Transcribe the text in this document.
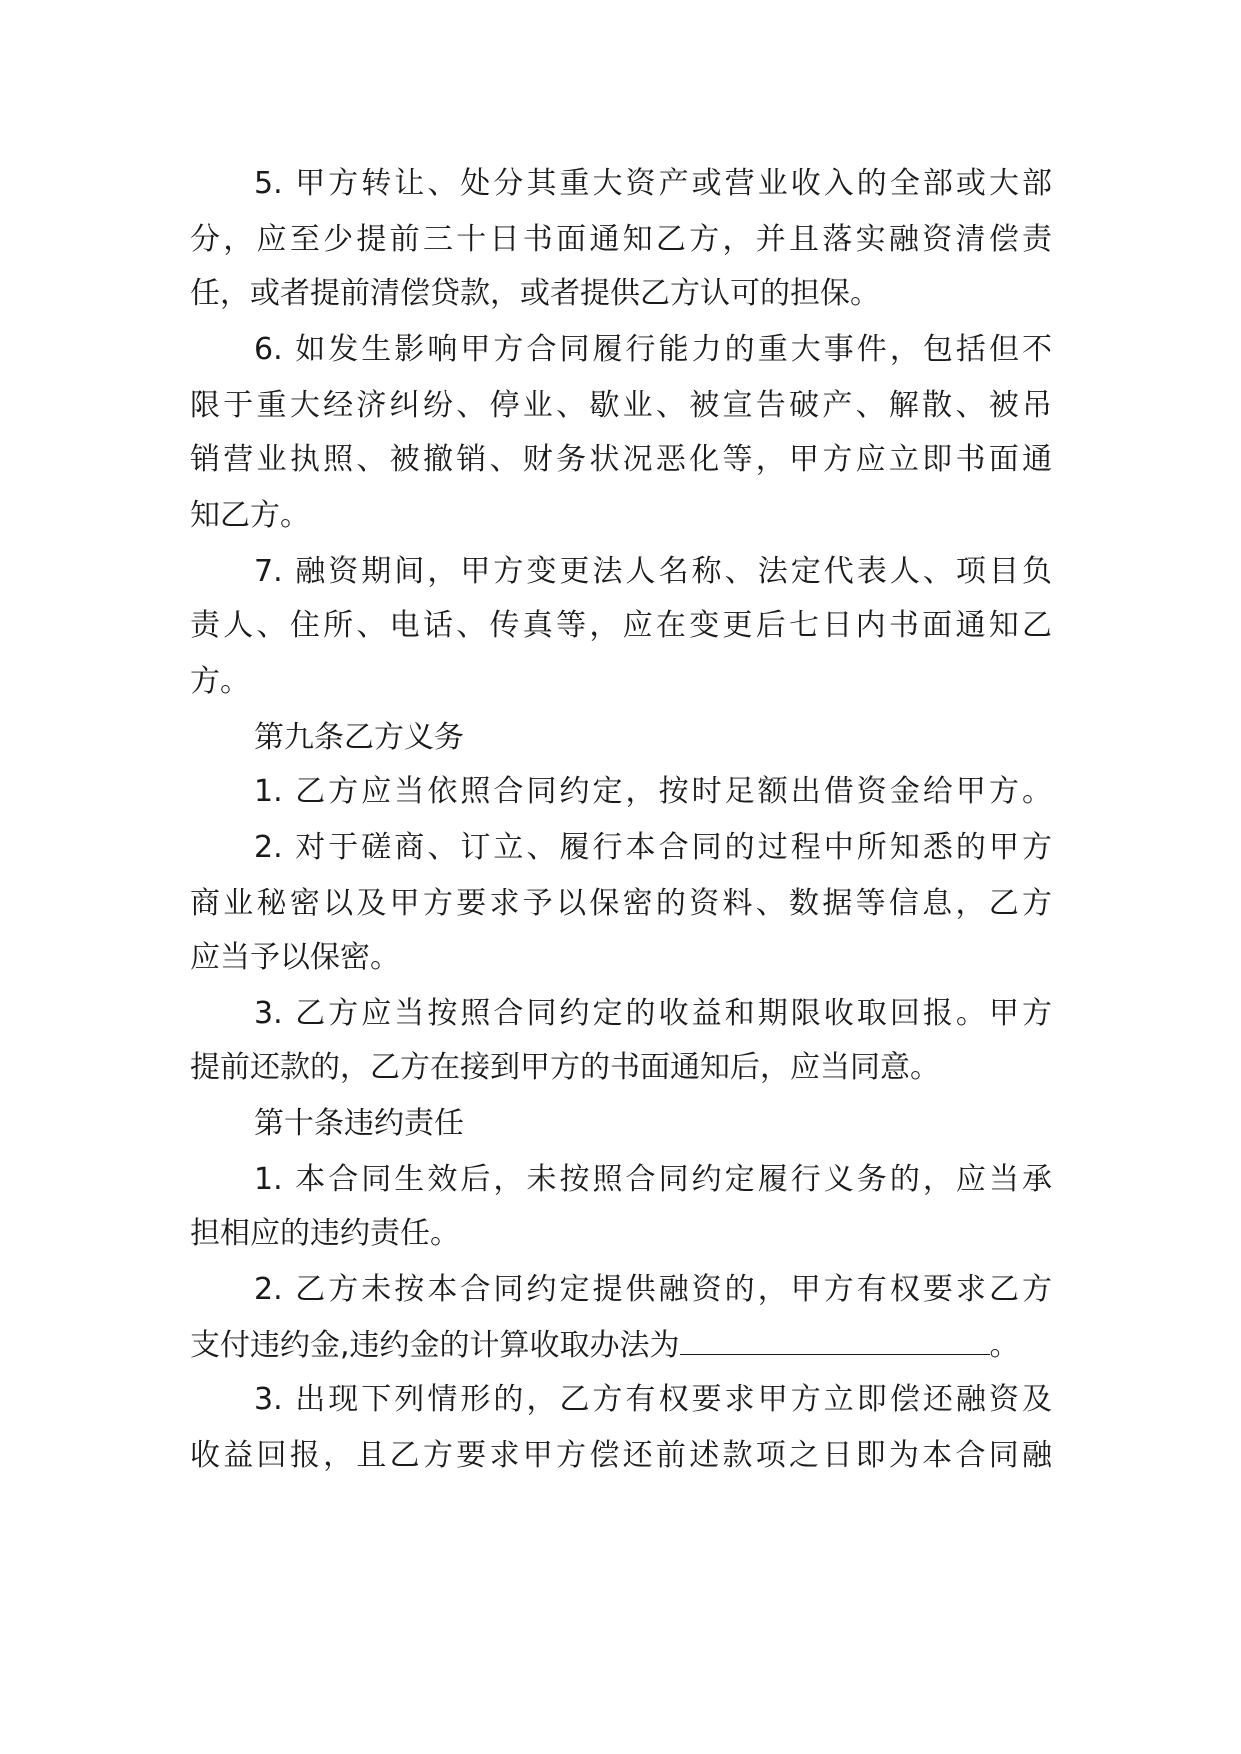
5. 甲方转让、处分其重大资产或营业收入的全部或大部
分，应至少提前三十日书面通知乙方，并且落实融资清偿责
任，或者提前清偿贷款，或者提供乙方认可的担保。
6. 如发生影响甲方合同履行能力的重大事件，包括但不
限于重大经济纠纷、停业、歇业、被宣告破产、解散、被吊
销营业执照、被撤销、财务状况恶化等，甲方应立即书面通
知乙方。
7. 融资期间，甲方变更法人名称、法定代表人、项目负
责人、住所、电话、传真等，应在变更后七日内书面通知乙
方。
第九条乙方义务
1. 乙方应当依照合同约定，按时足额出借资金给甲方。
2. 对于磋商、订立、履行本合同的过程中所知悉的甲方
商业秘密以及甲方要求予以保密的资料、数据等信息，乙方
应当予以保密。
3. 乙方应当按照合同约定的收益和期限收取回报。甲方
提前还款的，乙方在接到甲方的书面通知后，应当同意。
第十条违约责任
1. 本合同生效后，未按照合同约定履行义务的，应当承
担相应的违约责任。
2. 乙方未按本合同约定提供融资的，甲方有权要求乙方
支付违约金,违约金的计算收取办法为	。
3. 出现下列情形的，乙方有权要求甲方立即偿还融资及
收益回报，且乙方要求甲方偿还前述款项之日即为本合同融
